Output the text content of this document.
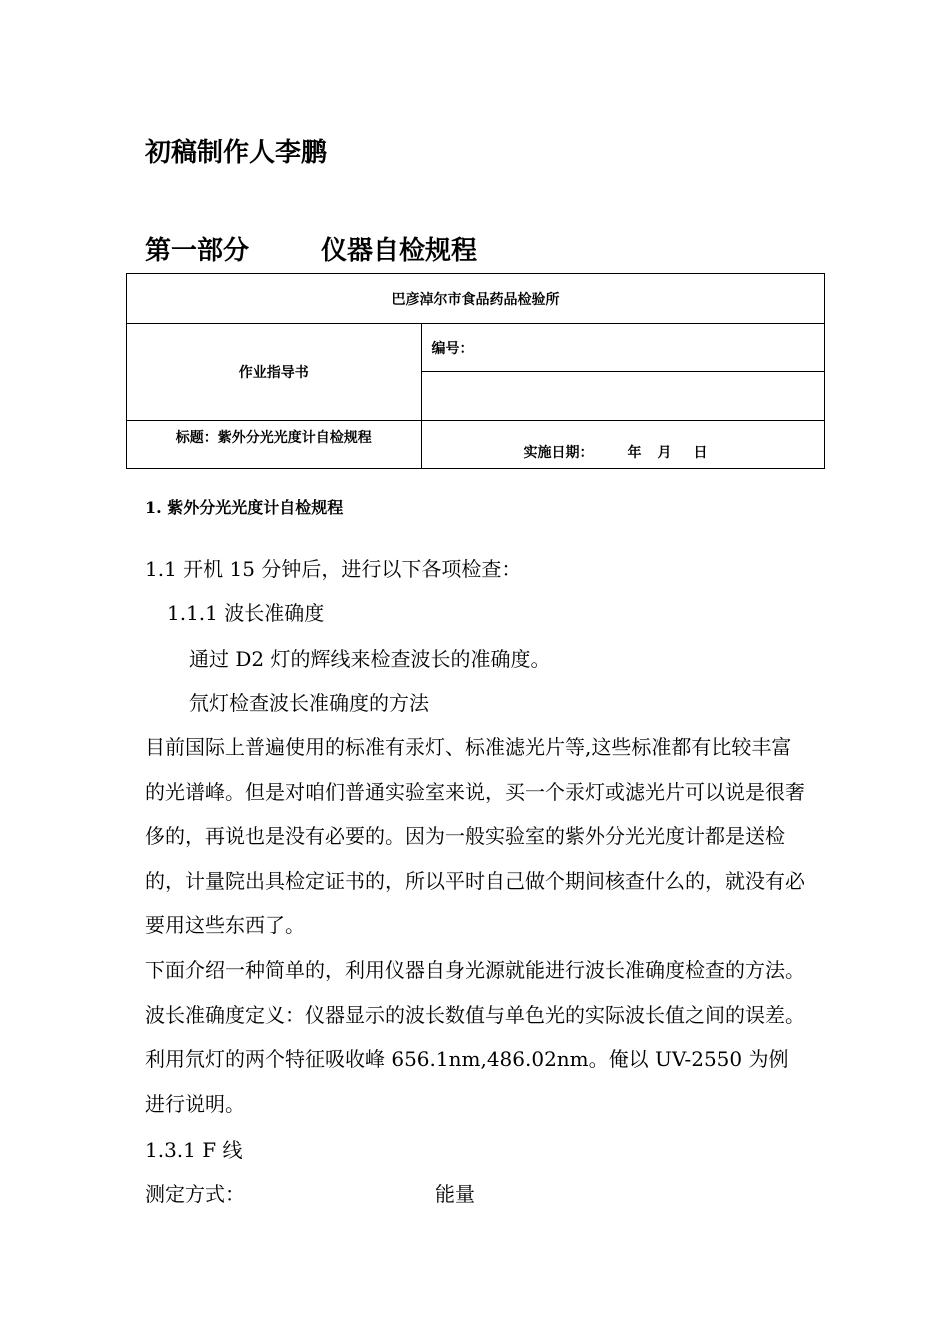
初稿制作人李鹏
第一部分	仪器自检规程
巴彦淖尔市食品药品检验所	
作业指导书	编号：

标题：紫外分光光度计自检规程	实施日期： 年 月 日
1. 紫外分光光度计自检规程
1.1 开机 15 分钟后，进行以下各项检查：
1.1.1 波长准确度
通过 D2 灯的辉线来检查波长的准确度。
氘灯检查波长准确度的方法
目前国际上普遍使用的标准有汞灯、标准滤光片等,这些标准都有比较丰富的光谱峰。但是对咱们普通实验室来说，买一个汞灯或滤光片可以说是很奢侈的，再说也是没有必要的。因为一般实验室的紫外分光光度计都是送检的，计量院出具检定证书的，所以平时自己做个期间核查什么的，就没有必要用这些东西了。
下面介绍一种简单的，利用仪器自身光源就能进行波长准确度检查的方法。波长准确度定义：仪器显示的波长数值与单色光的实际波长值之间的误差。利用氘灯的两个特征吸收峰 656.1nm,486.02nm。俺以 UV-2550 为例进行说明。
1.3.1 F 线
测定方式：	能量
